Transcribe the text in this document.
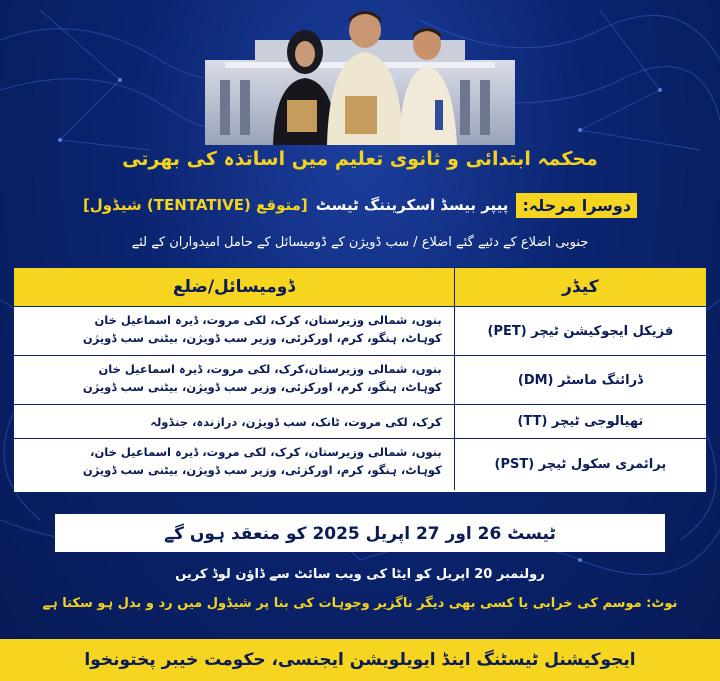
محکمہ ابتدائی و ثانوی تعلیم میں اساتذہ کی بھرتی
دوسرا مرحلہ:
پیپر بیسڈ اسکریننگ ٹیسٹ
[متوقع (TENTATIVE) شیڈول]
جنوبی اضلاع کے دئیے گئے اضلاع / سب ڈویژن کے ڈومیسائل کے حامل امیدواران کے لئے
کیڈر
ڈومیسائل/ضلع
فزیکل ایجوکیشن ٹیچر (PET)
بنوں، شمالی وزیرستان، کرک، لکی مروت، ڈیرہ اسماعیل خان
کوہاٹ، ہنگو، کرم، اورکزئی، وزیر سب ڈویژن، بیٹنی سب ڈویژن
ڈرائنگ ماسٹر (DM)
بنوں، شمالی وزیرستان،کرک، لکی مروت، ڈیرہ اسماعیل خان
کوہاٹ، ہنگو، کرم، اورکزئی، وزیر سب ڈویژن، بیٹنی سب ڈویژن
تھیالوجی ٹیچر (TT)
کرک، لکی مروت، ٹانک، سب ڈویژن، درازندہ، جنڈولہ
پرائمری سکول ٹیچر (PST)
بنوں، شمالی وزیرستان، کرک، لکی مروت، ڈیرہ اسماعیل خان،
کوہاٹ، ہنگو، کرم، اورکزئی، وزیر سب ڈویژن، بیٹنی سب ڈویژن
ٹیسٹ 26 اور 27 اپریل 2025 کو منعقد ہوں گے
رولنمبر 20 اپریل کو ایٹا کی ویب سائٹ سے ڈاؤن لوڈ کریں
نوٹ: موسم کی خرابی یا کسی بھی دیگر ناگزیر وجوہات کی بنا پر شیڈول میں رد و بدل ہو سکتا ہے
ایجوکیشنل ٹیسٹنگ اینڈ ایویلویشن ایجنسی، حکومت خیبر پختونخوا
